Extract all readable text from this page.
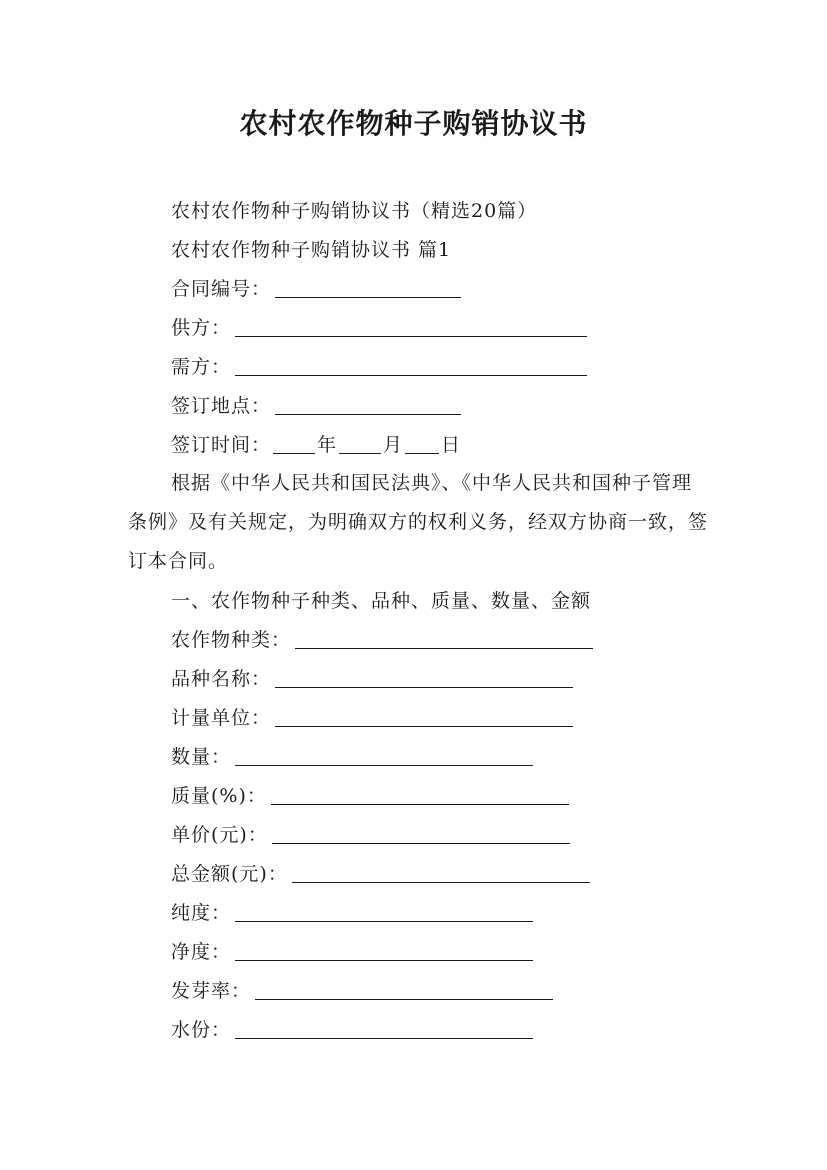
农村农作物种子购销协议书
农村农作物种子购销协议书（精选20篇）
农村农作物种子购销协议书 篇1
合同编号：
供方：
需方：
签订地点：
签订时间： 年 月 日

根据《中华人民共和国民法典》、《中华人民共和国种子管理条例》及有关规定，为明确双方的权利义务，经双方协商一致，签订本合同。

一、农作物种子种类、品种、质量、数量、金额
农作物种类：
品种名称：
计量单位：
数量：
质量(%)：
单价(元)：
总金额(元)：
纯度：
净度：
发芽率：
水份：
